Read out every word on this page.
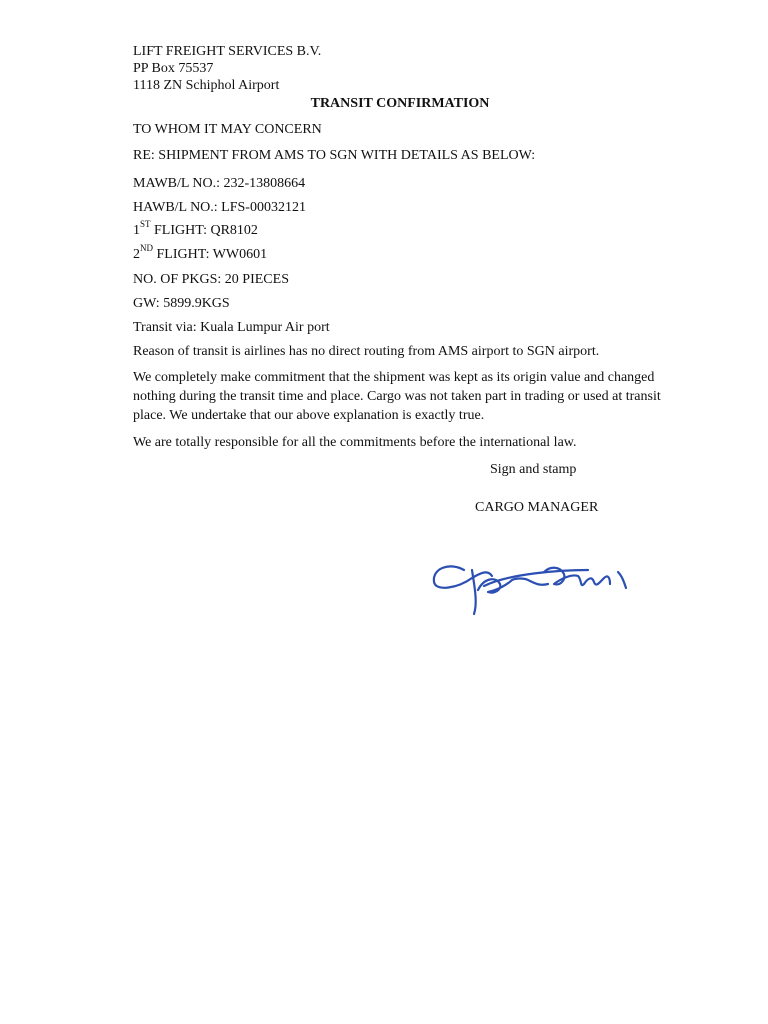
LIFT FREIGHT SERVICES B.V.
PP Box 75537
1118 ZN Schiphol Airport
TRANSIT CONFIRMATION
TO WHOM IT MAY CONCERN
RE: SHIPMENT FROM AMS TO SGN WITH DETAILS AS BELOW:
MAWB/L NO.: 232-13808664
HAWB/L NO.: LFS-00032121
1ST FLIGHT: QR8102
2ND FLIGHT: WW0601
NO. OF PKGS: 20 PIECES
GW: 5899.9KGS
Transit via: Kuala Lumpur Air port
Reason of transit is airlines has no direct routing from AMS airport to SGN airport.
We completely make commitment that the shipment was kept as its origin value and changed nothing during the transit time and place. Cargo was not taken part in trading or used at transit place. We undertake that our above explanation is exactly true.
We are totally responsible for all the commitments before the international law.
Sign and stamp
CARGO MANAGER
